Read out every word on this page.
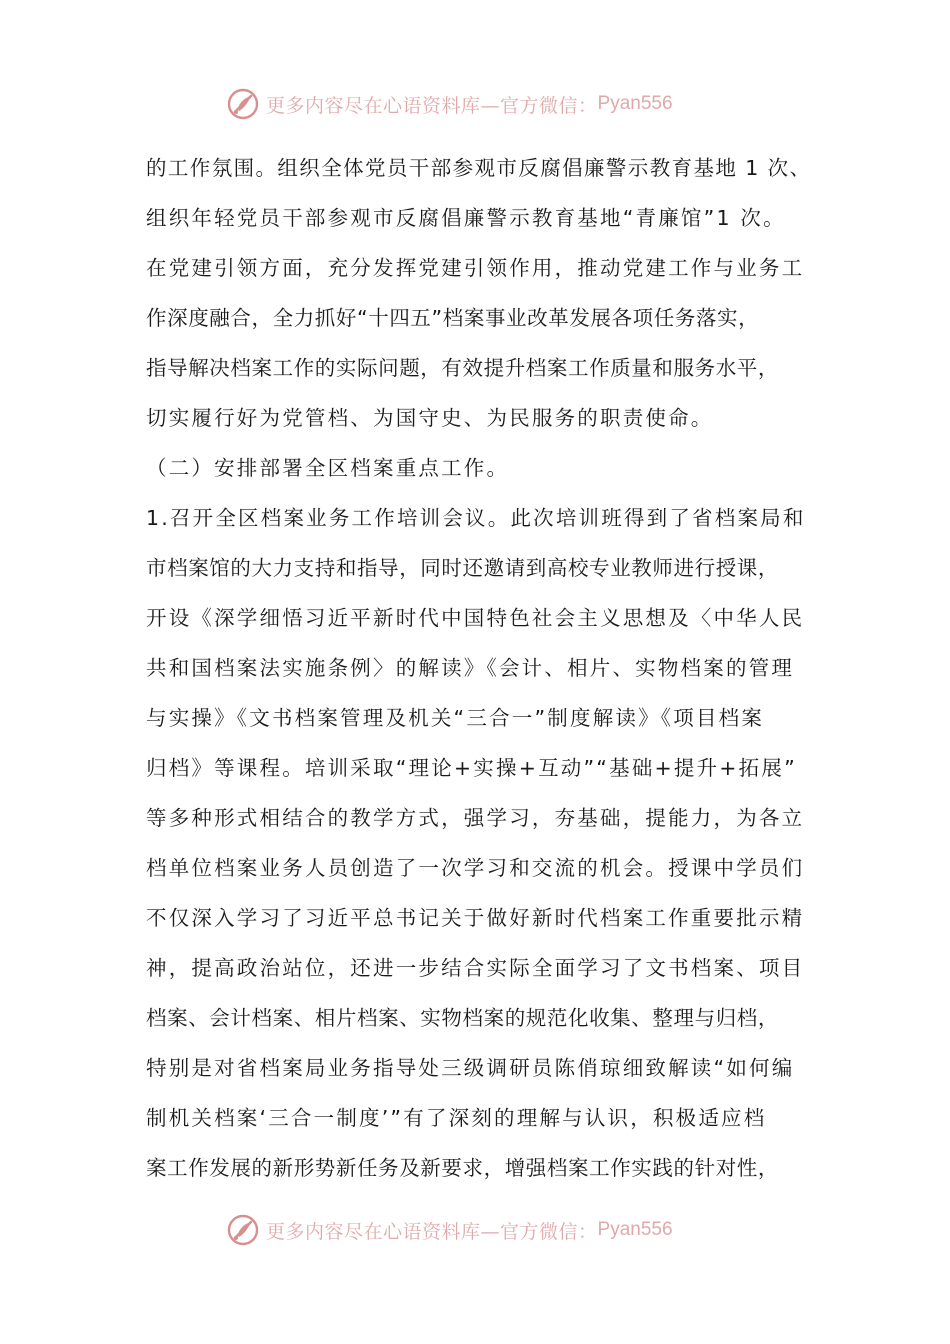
更多内容尽在心语资料库—官方微信： Pyan556
的工作氛围。组织全体党员干部参观市反腐倡廉警示教育基地 1 次、
组织年轻党员干部参观市反腐倡廉警示教育基地“青廉馆”1 次。
在党建引领方面，充分发挥党建引领作用，推动党建工作与业务工
作深度融合，全力抓好“十四五”档案事业改革发展各项任务落实，
指导解决档案工作的实际问题，有效提升档案工作质量和服务水平，
切实履行好为党管档、为国守史、为民服务的职责使命。
（二）安排部署全区档案重点工作。
1.召开全区档案业务工作培训会议。此次培训班得到了省档案局和
市档案馆的大力支持和指导，同时还邀请到高校专业教师进行授课，
开设《深学细悟习近平新时代中国特色社会主义思想及〈中华人民
共和国档案法实施条例〉的解读》《会计、相片、实物档案的管理
与实操》《文书档案管理及机关“三合一”制度解读》《项目档案
归档》等课程。培训采取“理论+实操+互动”“基础+提升+拓展”
等多种形式相结合的教学方式，强学习，夯基础，提能力，为各立
档单位档案业务人员创造了一次学习和交流的机会。授课中学员们
不仅深入学习了习近平总书记关于做好新时代档案工作重要批示精
神，提高政治站位，还进一步结合实际全面学习了文书档案、项目
档案、会计档案、相片档案、实物档案的规范化收集、整理与归档，
特别是对省档案局业务指导处三级调研员陈俏琼细致解读“如何编
制机关档案‘三合一制度’”有了深刻的理解与认识，积极适应档
案工作发展的新形势新任务及新要求，增强档案工作实践的针对性，
更多内容尽在心语资料库—官方微信： Pyan556
